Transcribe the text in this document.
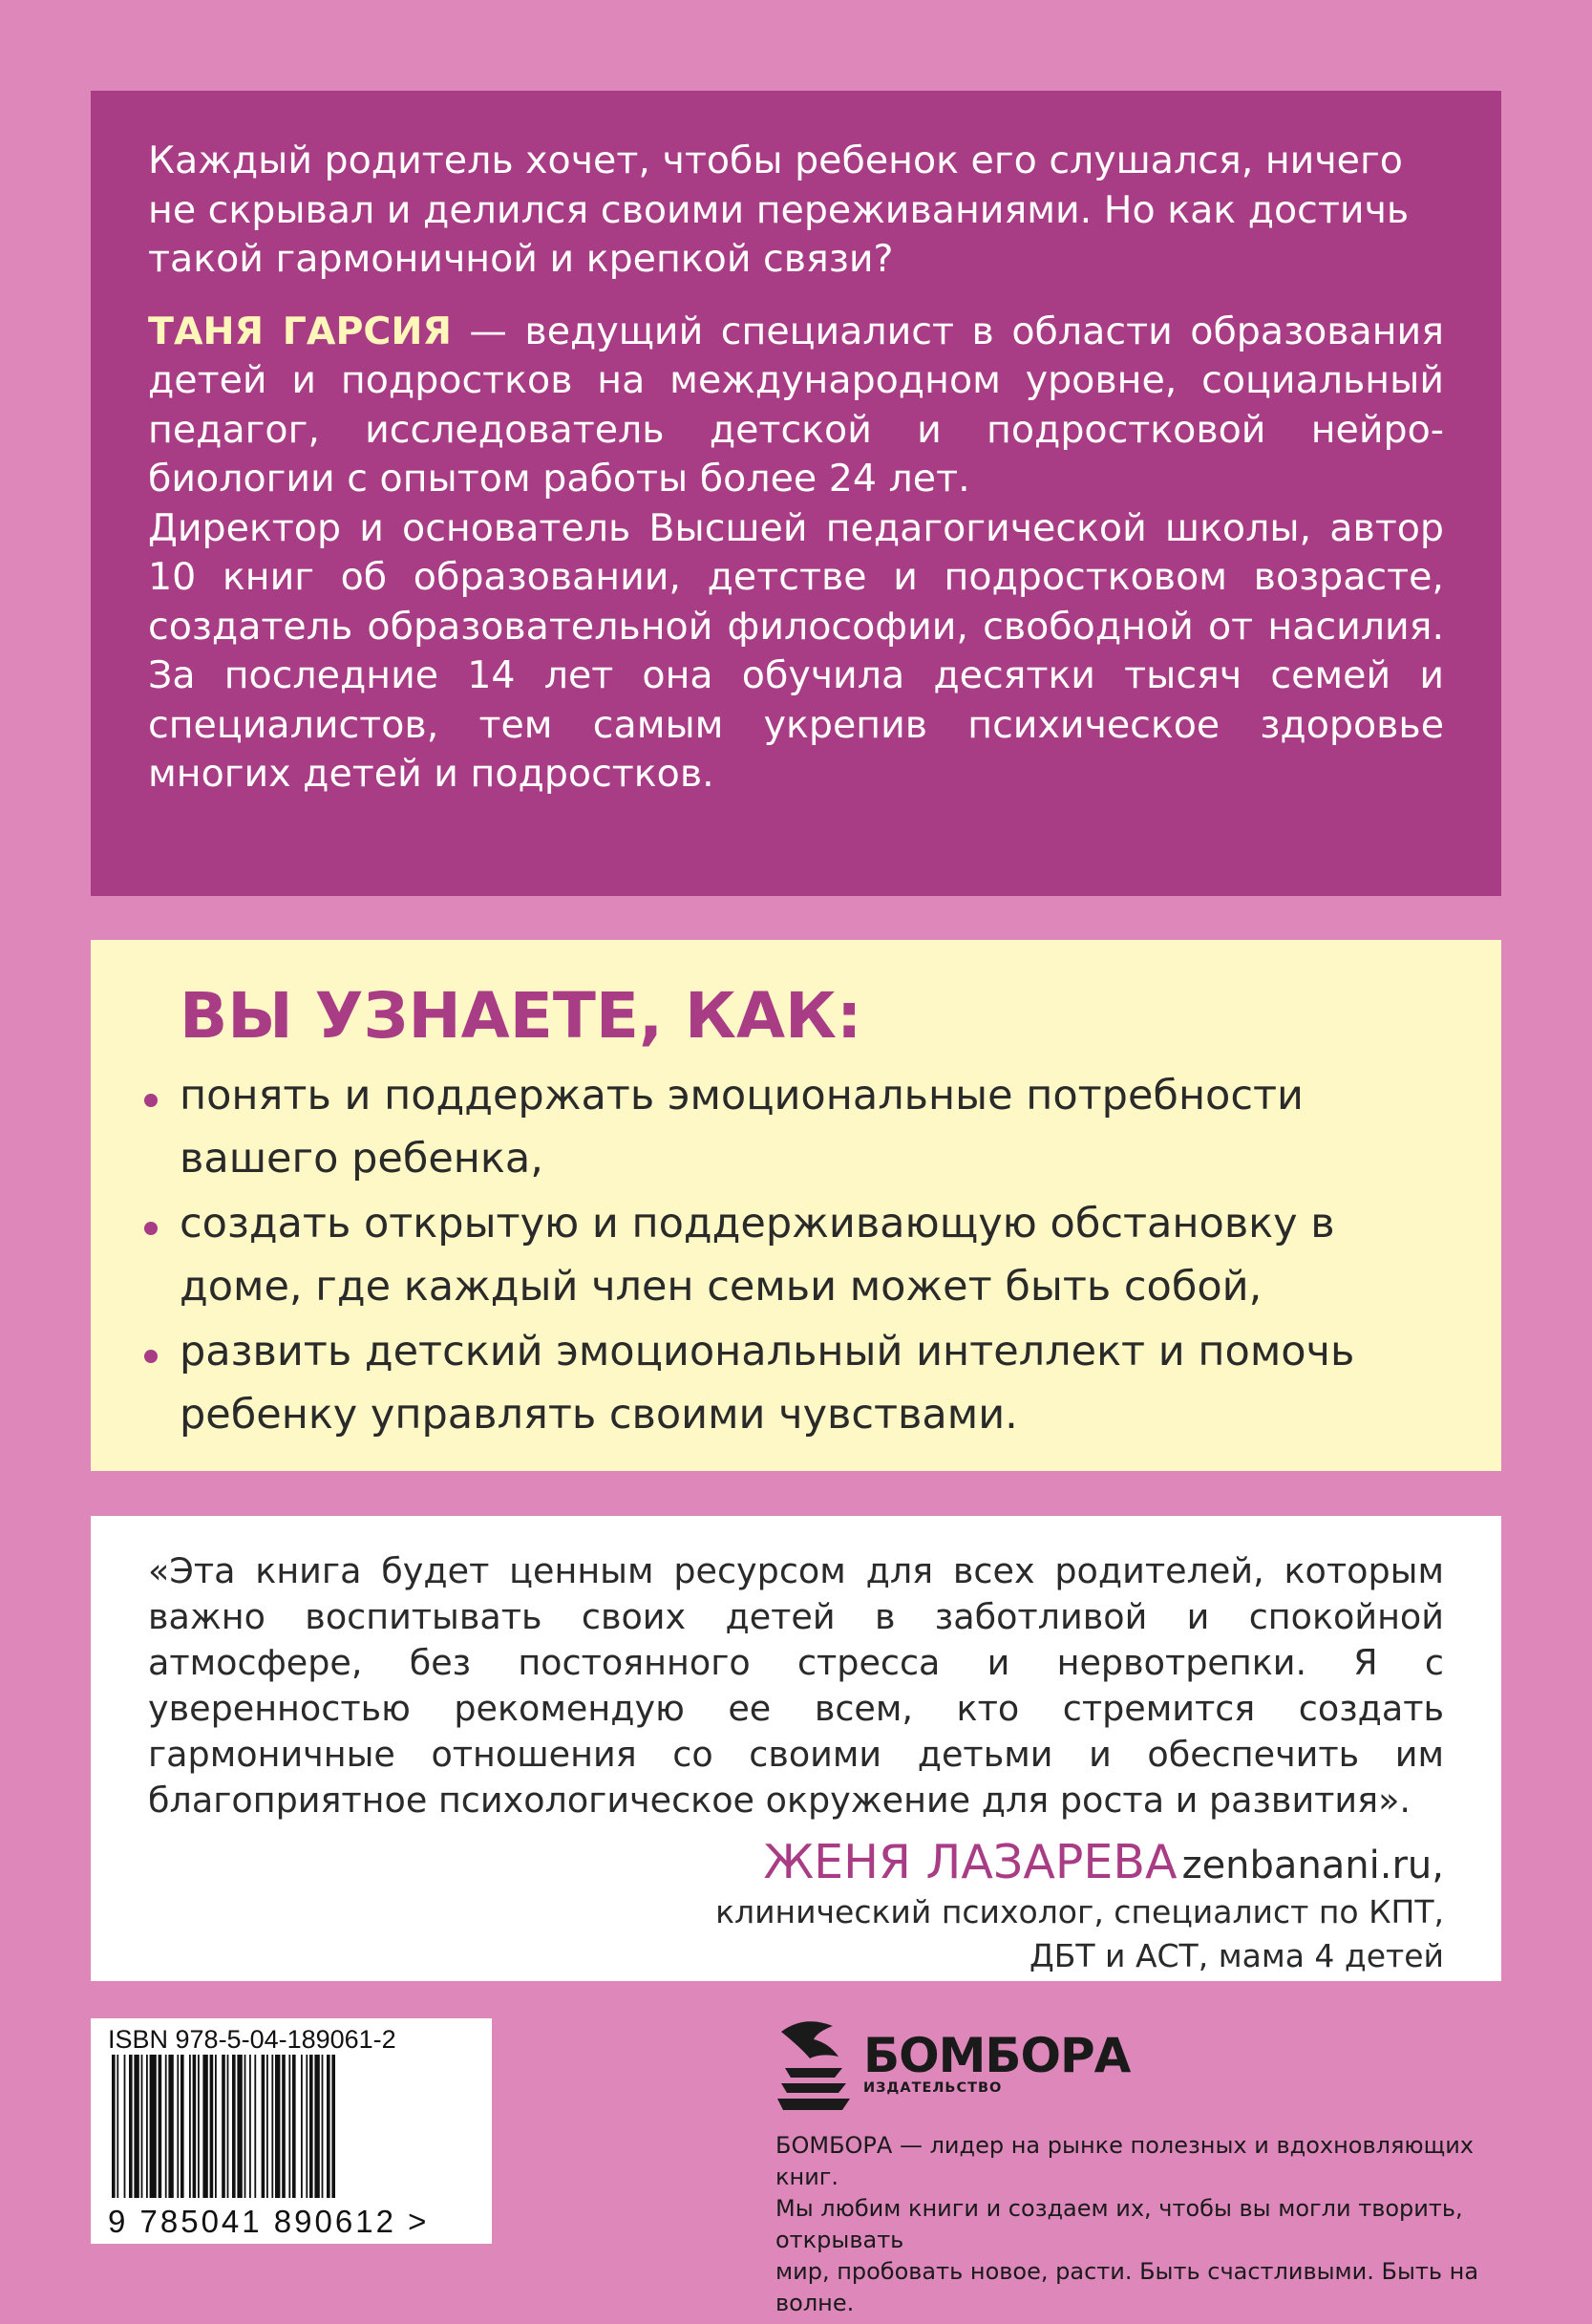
Каждый родитель хочет, чтобы ребенок его слушался, ничего не скрывал и делился своими переживаниями. Но как достичь такой гармоничной и крепкой связи?

ТАНЯ ГАРСИЯ — ведущий специалист в области образования детей и подростков на международном уровне, социальный педагог, исследователь детской и подростковой нейробиологии с опытом работы более 24 лет.

Директор и основатель Высшей педагогической школы, автор 10 книг об образовании, детстве и подростковом возрасте, создатель образовательной философии, свободной от насилия. За последние 14 лет она обучила десятки тысяч семей и специалистов, тем самым укрепив психическое здоровье многих детей и подростков.

ВЫ УЗНАЕТЕ, КАК:
понять и поддержать эмоциональные потребности вашего ребенка,
создать открытую и поддерживающую обстановку в доме, где каждый член семьи может быть собой,
развить детский эмоциональный интеллект и помочь ребенку управлять своими чувствами.

«Эта книга будет ценным ресурсом для всех родителей, которым важно воспитывать своих детей в заботливой и спокойной атмосфере, без постоянного стресса и нервотрепки. Я с уверенностью рекомендую ее всем, кто стремится создать гармоничные отношения со своими детьми и обеспечить им благоприятное психологическое окружение для роста и развития».

ЖЕНЯ ЛАЗАРЕВА zenbanani.ru,
клинический психолог, специалист по КПТ,
ДБТ и АСТ, мама 4 детей
ISBN 978-5-04-189061-2
9 785041 890612 >
БОМБОРА
ИЗДАТЕЛЬСТВО
БОМБОРА — лидер на рынке полезных и вдохновляющих книг.
Мы любим книги и создаем их, чтобы вы могли творить, открывать
мир, пробовать новое, расти. Быть счастливыми. Быть на волне.
